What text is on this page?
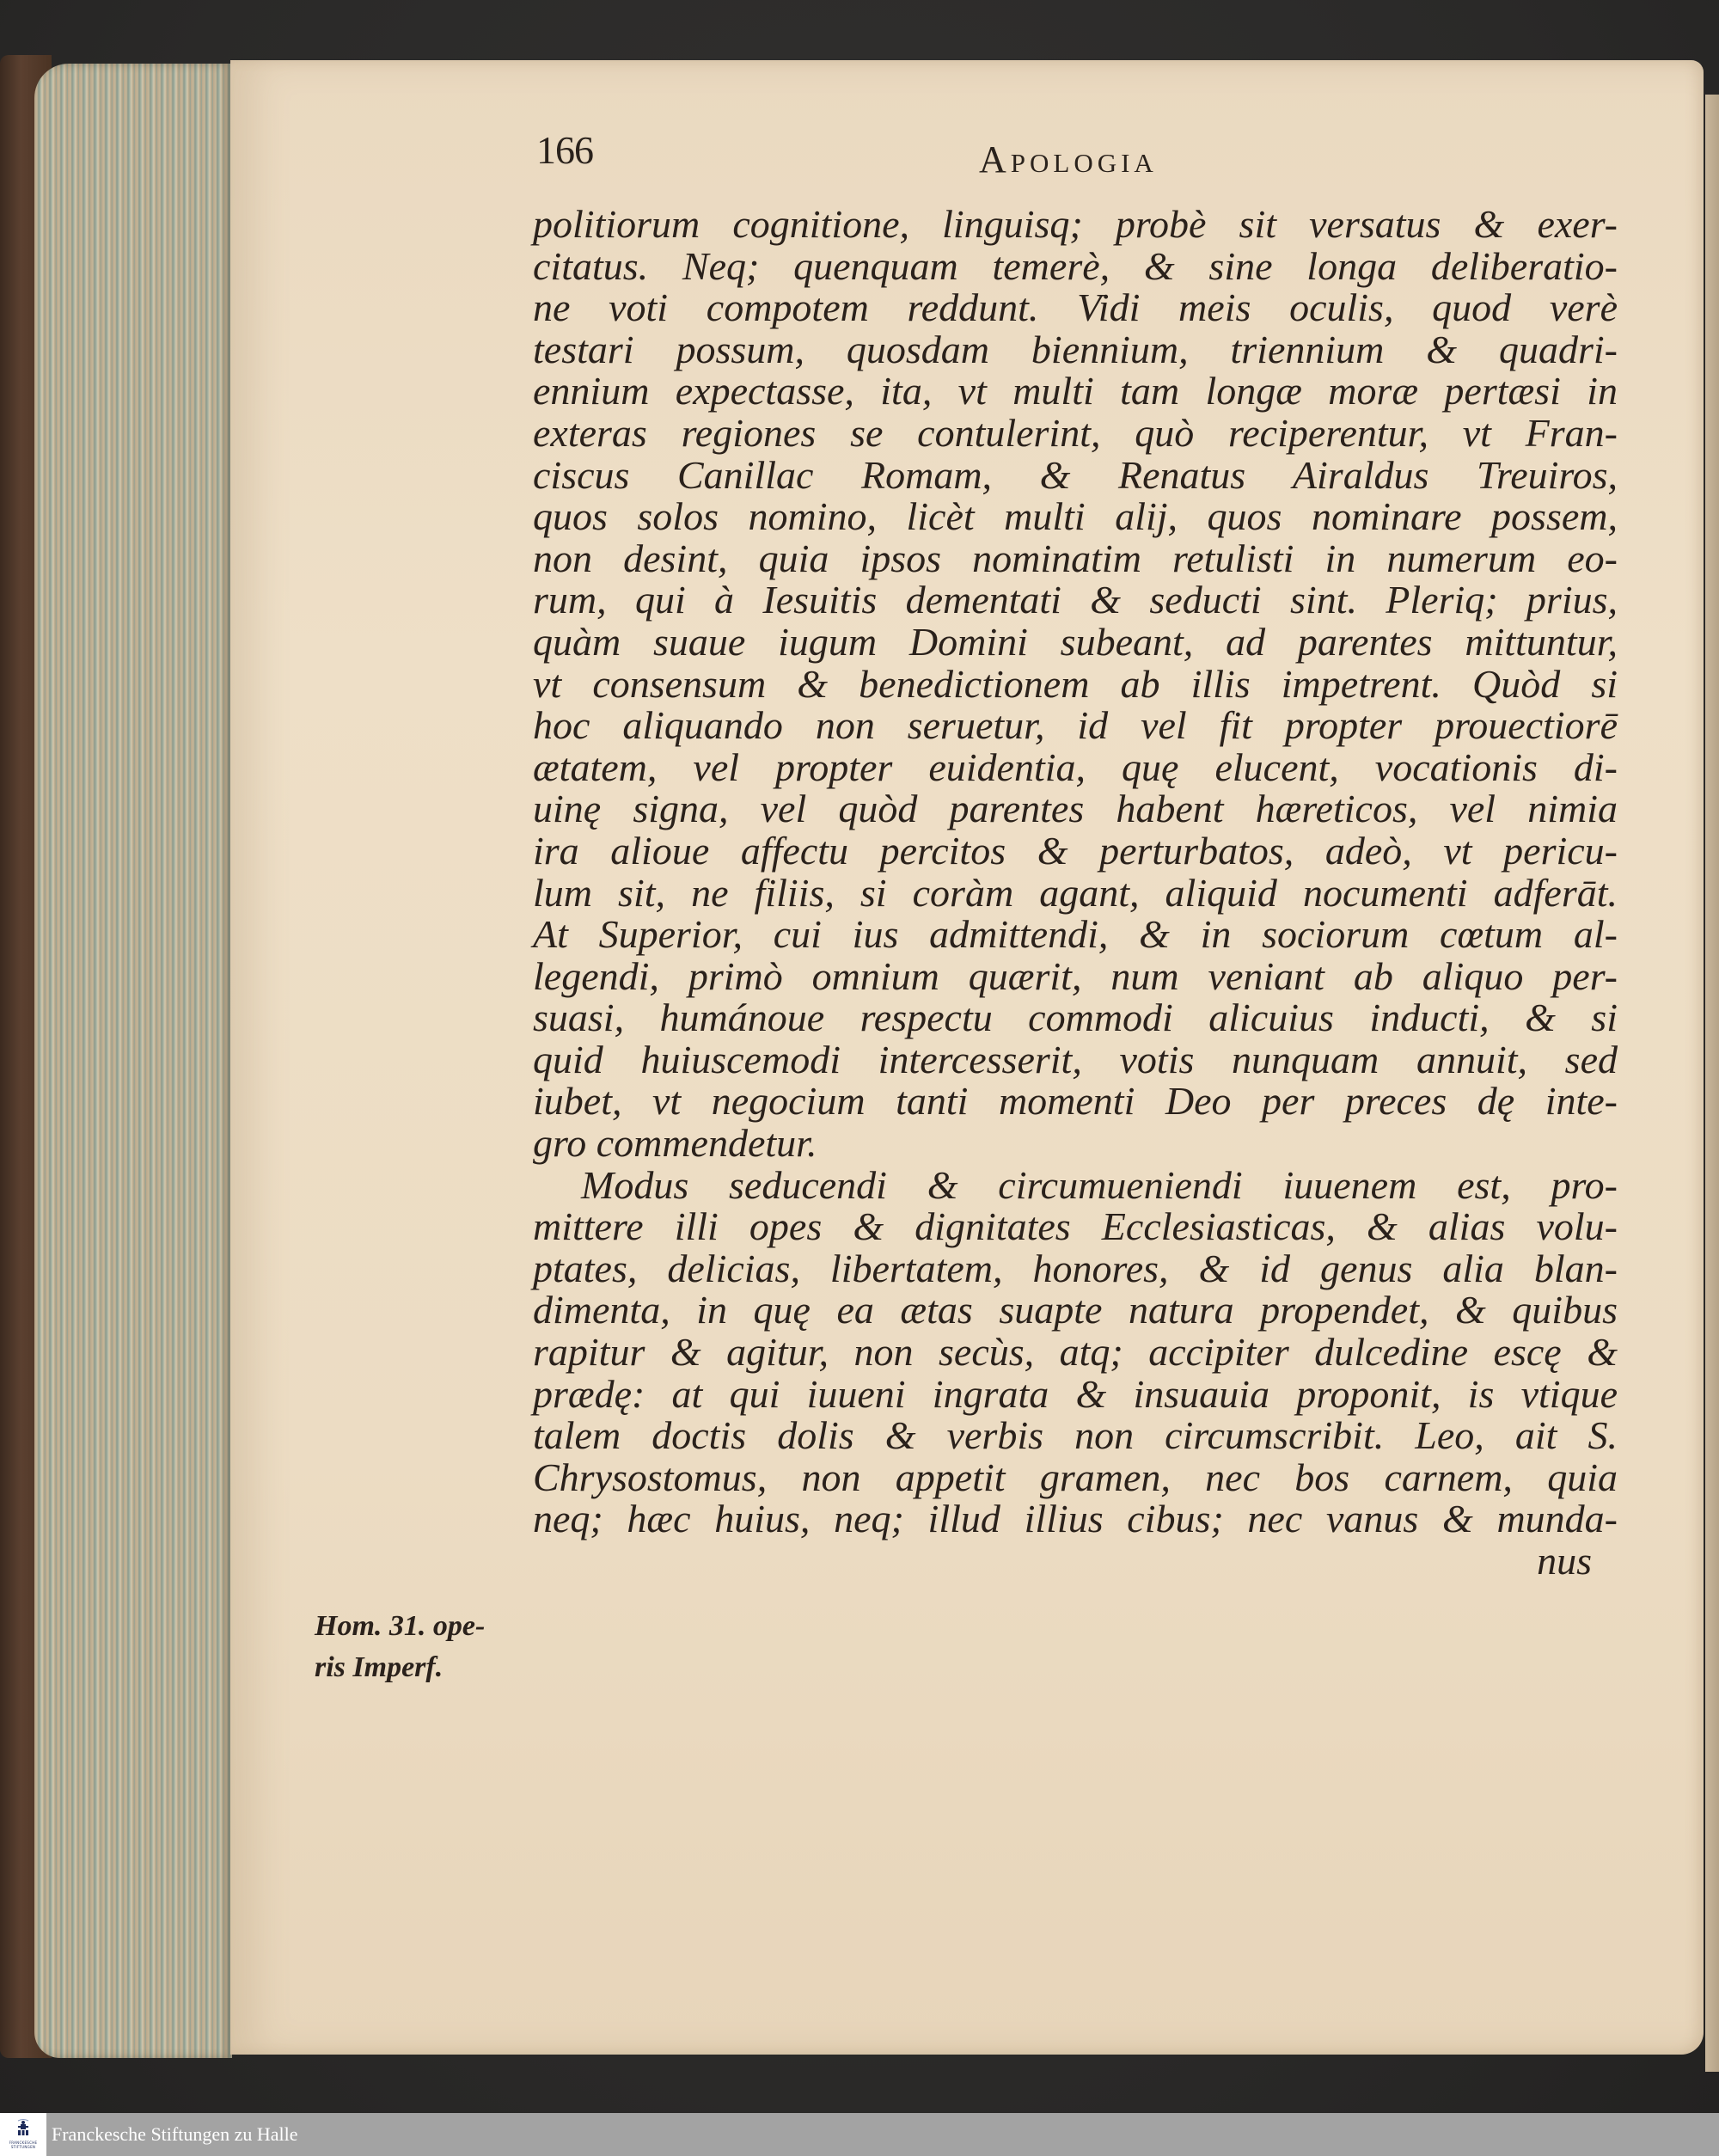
166	Apologia
politiorum cognitione, linguisq; probè sit versatus & exer-
citatus. Neq; quenquam temerè, & sine longa deliberatio-
ne voti compotem reddunt. Vidi meis oculis, quod verè
testari possum, quosdam biennium, triennium & quadri-
ennium expectasse, ita, vt multi tam longæ moræ pertæsi in
exteras regiones se contulerint, quò reciperentur, vt Fran-
ciscus Canillac Romam, & Renatus Airaldus Treuiros,
quos solos nomino, licèt multi alij, quos nominare possem,
non desint, quia ipsos nominatim retulisti in numerum eo-
rum, qui à Iesuitis dementati & seducti sint. Pleriq; prius,
quàm suaue iugum Domini subeant, ad parentes mittuntur,
vt consensum & benedictionem ab illis impetrent. Quòd si
hoc aliquando non seruetur, id vel fit propter prouectiorē
ætatem, vel propter euidentia, quę elucent, vocationis di-
uinę signa, vel quòd parentes habent hæreticos, vel nimia
ira alioue affectu percitos & perturbatos, adeò, vt pericu-
lum sit, ne filiis, si coràm agant, aliquid nocumenti adferāt.
At Superior, cui ius admittendi, & in sociorum cœtum al-
legendi, primò omnium quærit, num veniant ab aliquo per-
suasi, humánoue respectu commodi alicuius inducti, & si
quid huiuscemodi intercesserit, votis nunquam annuit, sed
iubet, vt negocium tanti momenti Deo per preces dę inte-
gro commendetur.
Modus seducendi & circumueniendi iuuenem est, pro-
mittere illi opes & dignitates Ecclesiasticas, & alias volu-
ptates, delicias, libertatem, honores, & id genus alia blan-
dimenta, in quę ea ætas suapte natura propendet, & quibus
rapitur & agitur, non secùs, atq; accipiter dulcedine escę &
prædę: at qui iuueni ingrata & insuauia proponit, is vtique
talem doctis dolis & verbis non circumscribit. Leo, ait S.
Chrysostomus, non appetit gramen, nec bos carnem, quia
neq; hæc huius, neq; illud illius cibus; nec vanus & munda-
nus
Hom. 31. ope-
ris Imperf.
FRANCKESCHE
STIFTUNGEN
Franckesche Stiftungen zu Halle
